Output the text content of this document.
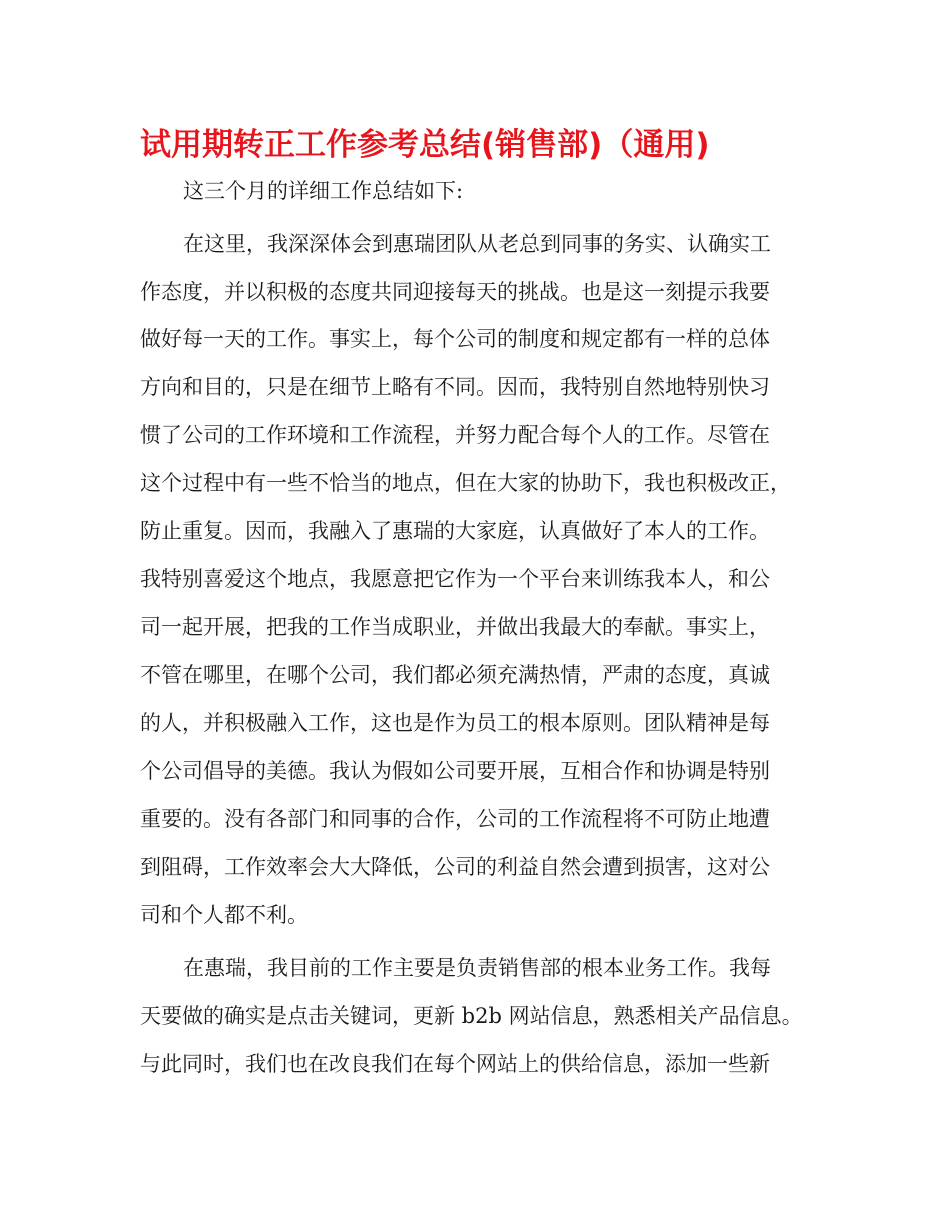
试用期转正工作参考总结(销售部)（通用)

这三个月的详细工作总结如下:

在这里，我深深体会到惠瑞团队从老总到同事的务实、认确实工

作态度，并以积极的态度共同迎接每天的挑战。也是这一刻提示我要

做好每一天的工作。事实上，每个公司的制度和规定都有一样的总体

方向和目的，只是在细节上略有不同。因而，我特别自然地特别快习

惯了公司的工作环境和工作流程，并努力配合每个人的工作。尽管在

这个过程中有一些不恰当的地点，但在大家的协助下，我也积极改正，

防止重复。因而，我融入了惠瑞的大家庭，认真做好了本人的工作。

我特别喜爱这个地点，我愿意把它作为一个平台来训练我本人，和公

司一起开展，把我的工作当成职业，并做出我最大的奉献。事实上，

不管在哪里，在哪个公司，我们都必须充满热情，严肃的态度，真诚

的人，并积极融入工作，这也是作为员工的根本原则。团队精神是每

个公司倡导的美德。我认为假如公司要开展，互相合作和协调是特别

重要的。没有各部门和同事的合作，公司的工作流程将不可防止地遭

到阻碍，工作效率会大大降低，公司的利益自然会遭到损害，这对公

司和个人都不利。

在惠瑞，我目前的工作主要是负责销售部的根本业务工作。我每

天要做的确实是点击关键词，更新 b2b 网站信息，熟悉相关产品信息。

与此同时，我们也在改良我们在每个网站上的供给信息，添加一些新
